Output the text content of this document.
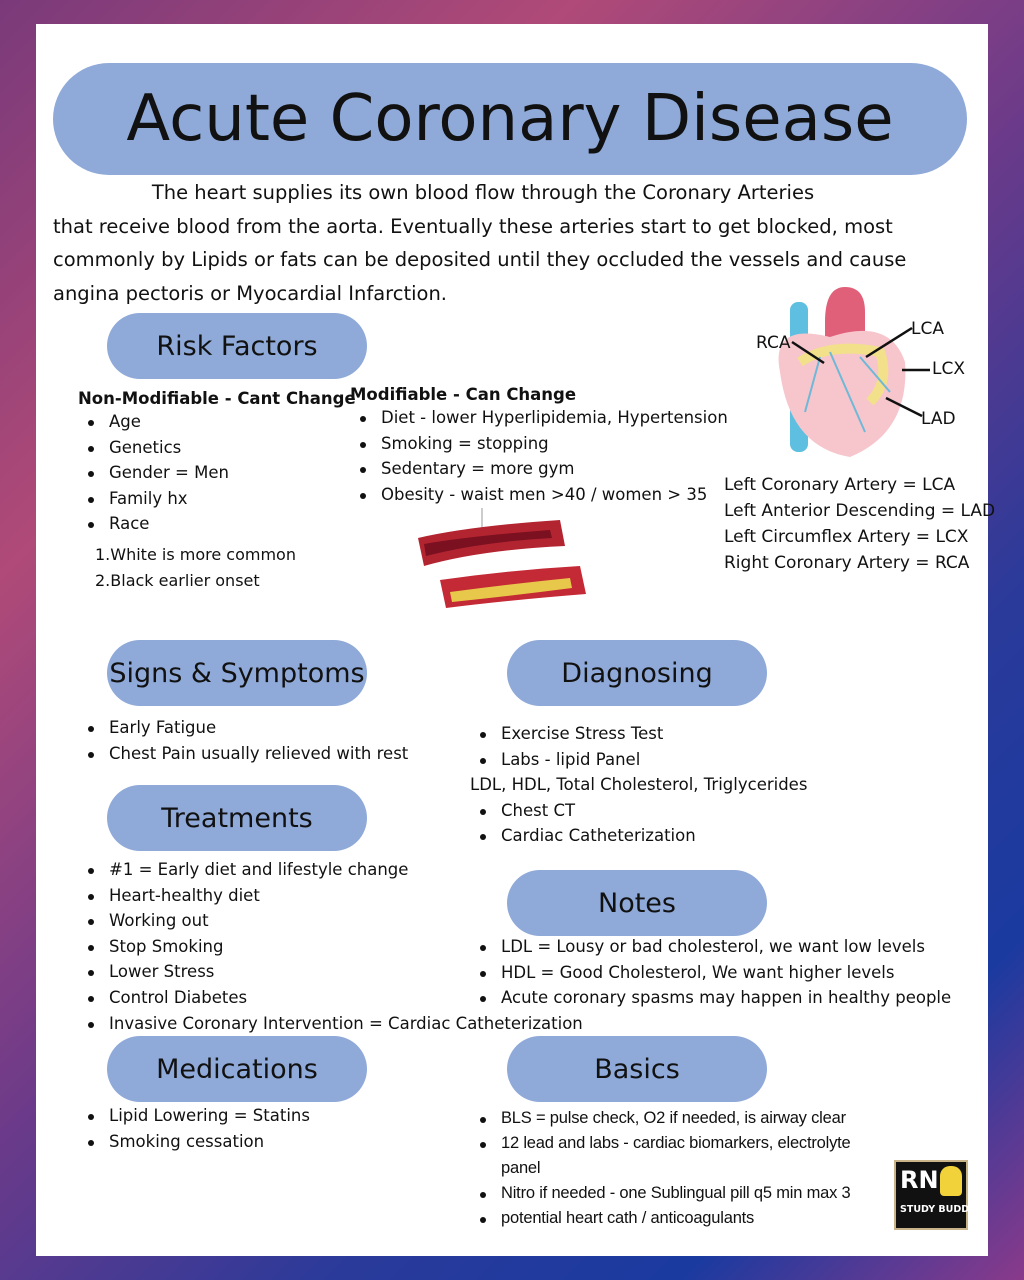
Acute Coronary Disease
The heart supplies its own blood flow through the Coronary Arteries
that receive blood from the aorta. Eventually these arteries start to get blocked, most commonly by Lipids or fats can be deposited until they occluded the vessels and cause angina pectoris or Myocardial Infarction.
Risk Factors
Non-Modifiable - Cant Change
Age
Genetics
Gender = Men
Family hx
Race
1.White is more common
2.Black earlier onset
Modifiable - Can Change
Diet - lower Hyperlipidemia, Hypertension
Smoking = stopping
Sedentary = more gym
Obesity - waist men >40 / women > 35
RCA
LCA
LCX
LAD
Left Coronary Artery = LCA
Left Anterior Descending = LAD
Left Circumflex Artery = LCX
Right Coronary Artery = RCA
Signs & Symptoms
Early Fatigue
Chest Pain usually relieved with rest
Diagnosing
Exercise Stress Test
Labs - lipid Panel
LDL, HDL, Total Cholesterol, Triglycerides
Chest CT
Cardiac Catheterization
Treatments
#1 = Early diet and lifestyle change
Heart-healthy diet
Working out
Stop Smoking
Lower Stress
Control Diabetes
Invasive Coronary Intervention = Cardiac Catheterization
Notes
LDL = Lousy or bad cholesterol, we want low levels
HDL = Good Cholesterol, We want higher levels
Acute coronary spasms may happen in healthy people
Basics
Medications
Lipid Lowering = Statins
Smoking cessation
BLS = pulse check, O2 if needed, is airway clear
12 lead and labs - cardiac biomarkers, electrolyte
panel
Nitro if needed - one Sublingual pill q5 min max 3
potential heart cath / anticoagulants
RN
STUDY BUDDY
